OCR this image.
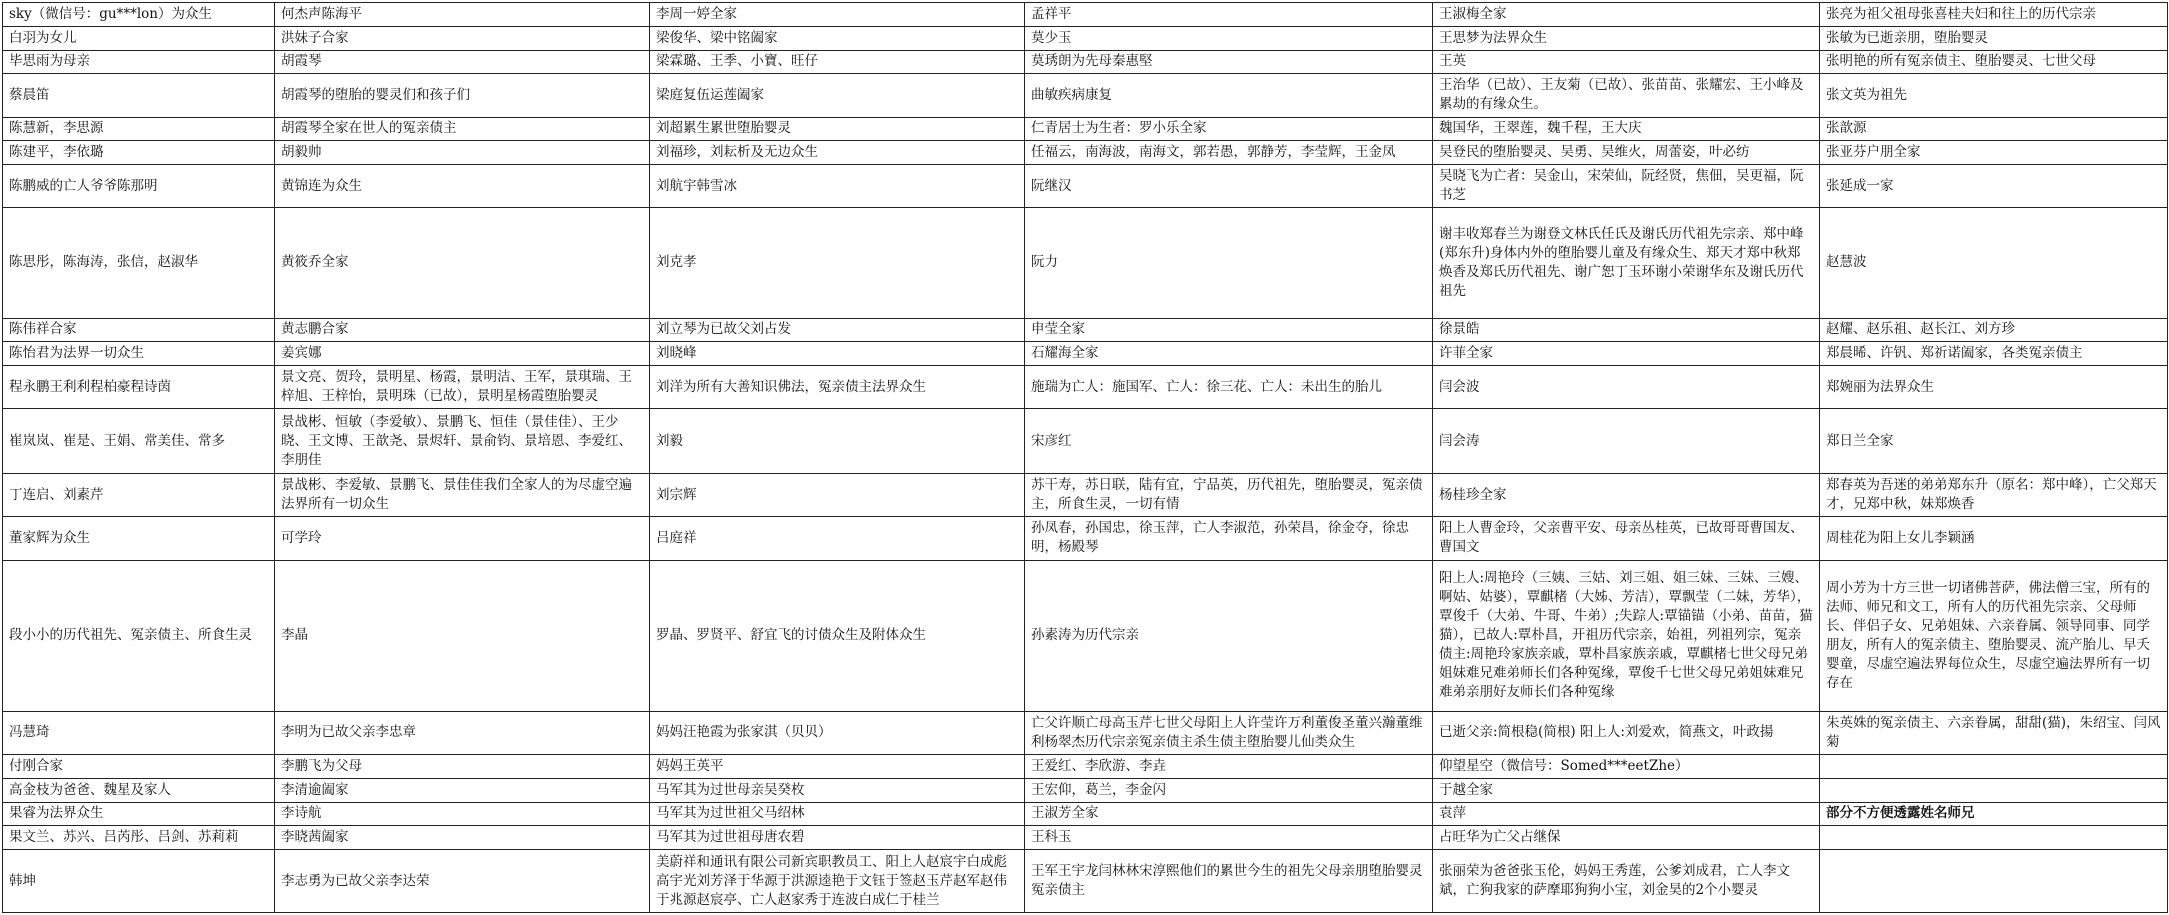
sky（微信号：gu***lon）为众生	何杰声陈海平	李周一婷全家	孟祥平	王淑梅全家	张亮为祖父祖母张喜桂夫妇和往上的历代宗亲
白羽为女儿	洪妹子合家	梁俊华、梁中铭阖家	莫少玉	王思梦为法界众生	张敏为已逝亲朋，堕胎婴灵
毕思雨为母亲	胡霞琴	梁霖璐、王季、小寶、旺仔	莫琇朗为先母秦惠堅	王英	张明艳的所有冤亲债主、堕胎婴灵、七世父母
蔡晨笛	胡霞琴的堕胎的婴灵们和孩子们	梁庭复伍运莲阖家	曲敏疾病康复	王治华（已故）、王友菊（已故）、张苗苗、张耀宏、王小峰及累劫的有缘众生。	张文英为祖先
陈慧新，李思源	胡霞琴全家在世人的冤亲债主	刘超累生累世堕胎婴灵	仁青居士为生者：罗小乐全家	魏国华，王翠莲，魏千程，王大庆	张歆源
陈建平，李依璐	胡毅帅	刘福珍，刘耘析及无边众生	任福云，南海波，南海文，郭若愚，郭静芳，李莹辉，王金凤	吴登民的堕胎婴灵、吴勇、吴维火，周蕾姿，叶必纺	张亚芬户朋全家
陈鹏威的亡人爷爷陈那明	黄锦连为众生	刘航宇韩雪冰	阮继汉	吴晓飞为亡者：吴金山，宋荣仙，阮经贤，焦佃，吴更福，阮书芝	张延成一家
陈思彤，陈海涛，张信，赵淑华	黄筱乔全家	刘克孝	阮力	谢丰收郑春兰为谢登文林氏任氏及谢氏历代祖先宗亲、郑中峰(郑东升)身体内外的堕胎婴儿童及有缘众生、郑天才郑中秋郑焕香及郑氏历代祖先、谢广恕丁玉环谢小荣谢华东及谢氏历代祖先	赵慧波
陈伟祥合家	黄志鹏合家	刘立琴为已故父刘占发	申莹全家	徐景皓	赵耀、赵乐祖、赵长江、刘方珍
陈怡君为法界一切众生	姜宾娜	刘晓峰	石耀海全家	许菲全家	郑晨晞、许钒、郑祈诺阖家，各类冤亲债主
程永鹏王利利程柏豪程诗茵	景文亮、贺玲，景明星、杨霞，景明洁、王军，景琪瑞、王梓旭、王梓怡，景明珠（已故），景明星杨霞堕胎婴灵	刘洋为所有大善知识佛法，冤亲债主法界众生	施瑞为亡人：施国军、亡人：徐三花、亡人：未出生的胎儿	闫会波	郑婉丽为法界众生
崔岚岚、崔是、王娟、常美佳、常多	景战彬、恒敏（李爱敏）、景鹏飞、恒佳（景佳佳）、王少晓、王文博、王歆尧、景烬轩、景俞钧、景培恩、李爱红、李朋佳	刘毅	宋彦红	闫会涛	郑日兰全家
丁连启、刘素芹	景战彬、李爱敏、景鹏飞、景佳佳我们全家人的为尽虚空遍法界所有一切众生	刘宗辉	苏干寿，苏日联，陆有宜，宁品英，历代祖先，堕胎婴灵，冤亲债主，所食生灵，一切有情	杨桂珍全家	郑春英为吾迷的弟弟郑东升（原名：郑中峰），亡父郑天才，兄郑中秋，妹郑焕香
董家辉为众生	可学玲	吕庭祥	孙凤春，孙国忠，徐玉萍，亡人李淑范，孙荣昌，徐金夺，徐忠明，杨殿琴	阳上人曹金玲，父亲曹平安、母亲丛桂英，已故哥哥曹国友、曹国文	周桂花为阳上女儿李颖涵
段小小的历代祖先、冤亲债主、所食生灵	李晶	罗晶、罗贤平、舒宜飞的讨债众生及附体众生	孙素涛为历代宗亲	阳上人:周艳玲（三姨、三姑、刘三姐、姐三妹、三妹、三嫂、啊姑、姑婆），覃麒楮（大姊、芳洁），覃飘莹（二妹，芳华），覃俊千（大弟、牛哥、牛弟）;失踪人:覃锚锚（小弟、苗苗，猫猫），已故人:覃朴昌，开祖历代宗亲，始祖，列祖列宗，冤亲债主:周艳玲家族亲戚，覃朴昌家族亲戚，覃麒楮七世父母兄弟姐妹难兄难弟师长们各种冤缘，覃俊千七世父母兄弟姐妹难兄难弟亲朋好友师长们各种冤缘	周小芳为十方三世一切诸佛菩萨，佛法僧三宝，所有的法师、师兄和文工，所有人的历代祖先宗亲、父母师长、伴侣子女、兄弟姐妹、六亲眷属、领导同事、同学朋友，所有人的冤亲债主、堕胎婴灵、流产胎儿、早夭婴童，尽虚空遍法界每位众生，尽虚空遍法界所有一切存在
冯慧琦	李明为已故父亲李忠章	妈妈汪艳霞为张家淇（贝贝）	亡父许顺亡母高玉芹七世父母阳上人许莹许万利董俊圣董兴瀚董维利杨翠杰历代宗亲冤亲债主杀生债主堕胎婴儿仙类众生	已逝父亲:简根稳(简根) 阳上人:刘爱欢，简燕文，叶政揚	朱英姝的冤亲债主、六亲眷属，甜甜(猫)，朱绍宝、闫风菊
付刚合家	李鹏飞为父母	妈妈王英平	王爱红、李欣游、李垚	仰望星空（微信号：Somed***eetZhe）	
高金枝为爸爸、魏星及家人	李清逾阖家	马军其为过世母亲吴癸枚	王宏仰，葛兰，李金闪	于越全家	
果睿为法界众生	李诗航	马军其为过世祖父马绍林	王淑芳全家	袁萍	部分不方便透露姓名师兄
果文兰、苏兴、吕芮彤、吕剑、苏莉莉	李晓茜阖家	马军其为过世祖母唐农碧	王科玉	占旺华为亡父占继保	
韩坤	李志勇为已故父亲李达荣	美蔚祥和通讯有限公司新宾职教员工、阳上人赵宸宇白成彪高宇光刘芳泽于华源于洪源逵艳于文钰于签赵玉芹赵军赵伟于兆源赵宸亭、亡人赵家秀于连波白成仁于桂兰	王军王宇龙闫林林宋淳熙他们的累世今生的祖先父母亲朋堕胎婴灵冤亲债主	张丽荣为爸爸张玉伦，妈妈王秀莲，公爹刘成君，亡人李文斌，亡狗我家的萨摩耶狗狗小宝，刘金昊的2个小婴灵	
